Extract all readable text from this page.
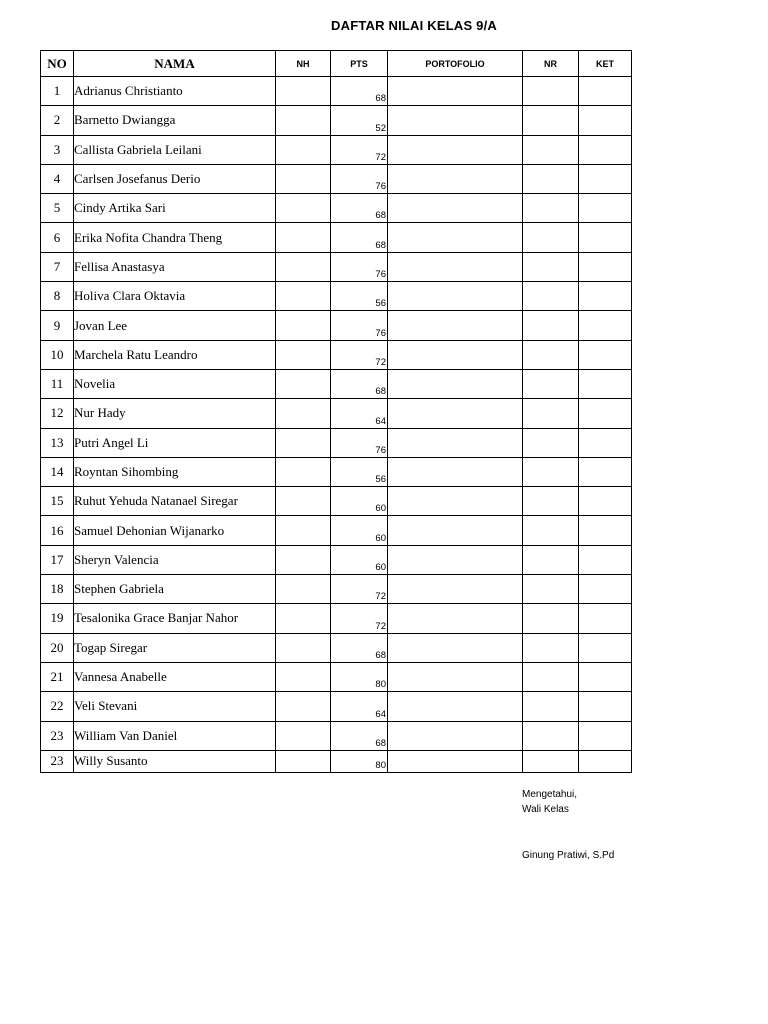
DAFTAR NILAI KELAS 9/A
NO	NAMA	NH	PTS	PORTOFOLIO	NR	KET
1	Adrianus Christianto		68			
2	Barnetto Dwiangga		52			
3	Callista Gabriela Leilani		72			
4	Carlsen Josefanus Derio		76			
5	Cindy Artika Sari		68			
6	Erika Nofita Chandra Theng		68			
7	Fellisa Anastasya		76			
8	Holiva Clara Oktavia		56			
9	Jovan Lee		76			
10	Marchela Ratu Leandro		72			
11	Novelia		68			
12	Nur Hady		64			
13	Putri Angel Li		76			
14	Royntan Sihombing		56			
15	Ruhut Yehuda Natanael Siregar		60			
16	Samuel Dehonian Wijanarko		60			
17	Sheryn Valencia		60			
18	Stephen Gabriela		72			
19	Tesalonika Grace Banjar Nahor		72			
20	Togap Siregar		68			
21	Vannesa Anabelle		80			
22	Veli Stevani		64			
23	William Van Daniel		68			
23	Willy Susanto		80			
Mengetahui,
Wali Kelas
Ginung Pratiwi, S.Pd
